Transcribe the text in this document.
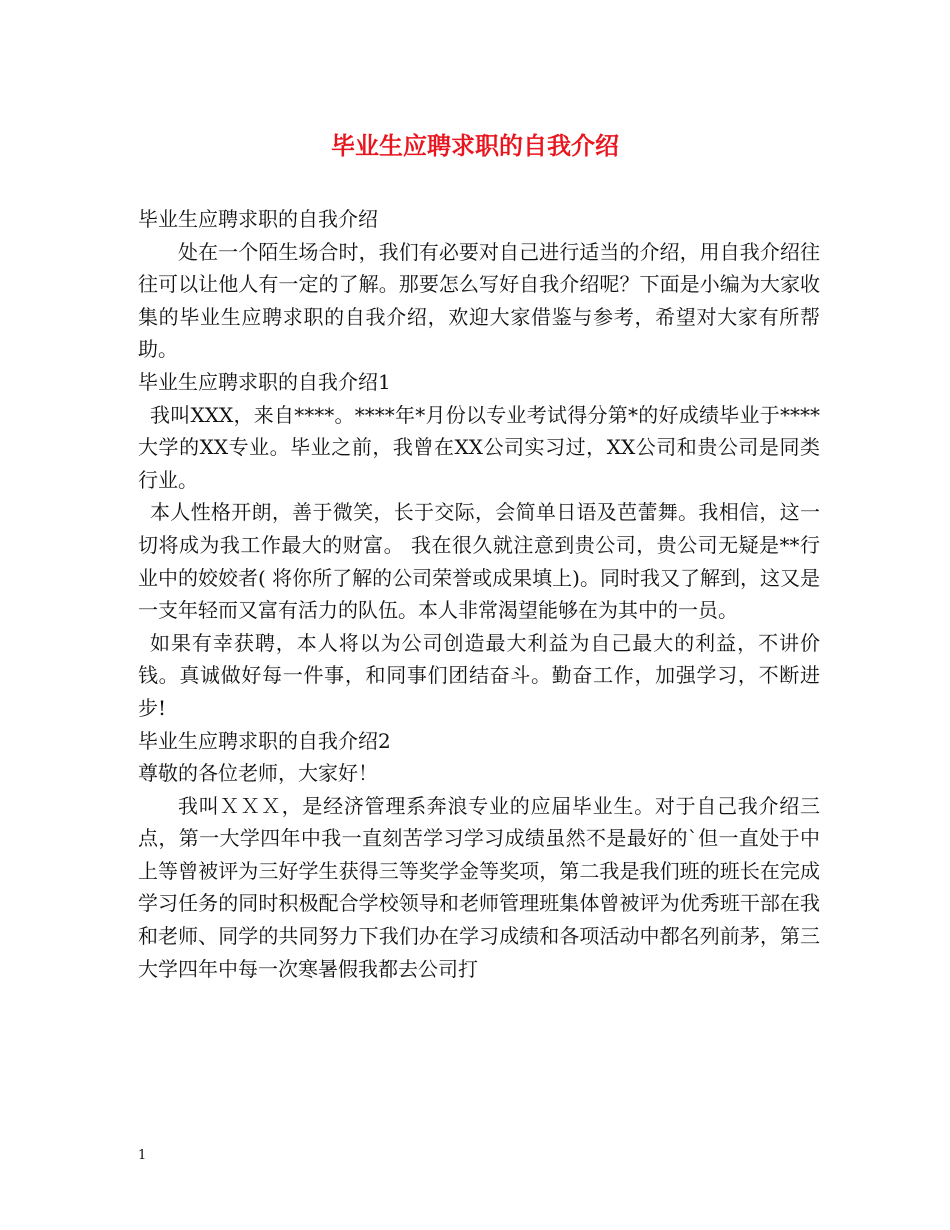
毕业生应聘求职的自我介绍

毕业生应聘求职的自我介绍

处在一个陌生场合时，我们有必要对自己进行适当的介绍，用自我介绍往往可以让他人有一定的了解。那要怎么写好自我介绍呢？下面是小编为大家收集的毕业生应聘求职的自我介绍，欢迎大家借鉴与参考，希望对大家有所帮助。

毕业生应聘求职的自我介绍1

我叫XXX，来自****。****年*月份以专业考试得分第*的好成绩毕业于****大学的XX专业。毕业之前，我曾在XX公司实习过，XX公司和贵公司是同类行业。

本人性格开朗，善于微笑，长于交际，会简单日语及芭蕾舞。我相信，这一切将成为我工作最大的财富。 我在很久就注意到贵公司，贵公司无疑是**行业中的姣姣者( 将你所了解的公司荣誉或成果填上)。同时我又了解到，这又是一支年轻而又富有活力的队伍。本人非常渴望能够在为其中的一员。

如果有幸获聘，本人将以为公司创造最大利益为自己最大的利益，不讲价钱。真诚做好每一件事，和同事们团结奋斗。勤奋工作，加强学习，不断进步!

毕业生应聘求职的自我介绍2

尊敬的各位老师，大家好！

我叫ＸＸＸ，是经济管理系奔浪专业的应届毕业生。对于自己我介绍三点，第一大学四年中我一直刻苦学习学习成绩虽然不是最好的`但一直处于中上等曾被评为三好学生获得三等奖学金等奖项，第二我是我们班的班长在完成学习任务的同时积极配合学校领导和老师管理班集体曾被评为优秀班干部在我和老师、同学的共同努力下我们办在学习成绩和各项活动中都名列前茅，第三大学四年中每一次寒暑假我都去公司打

1
